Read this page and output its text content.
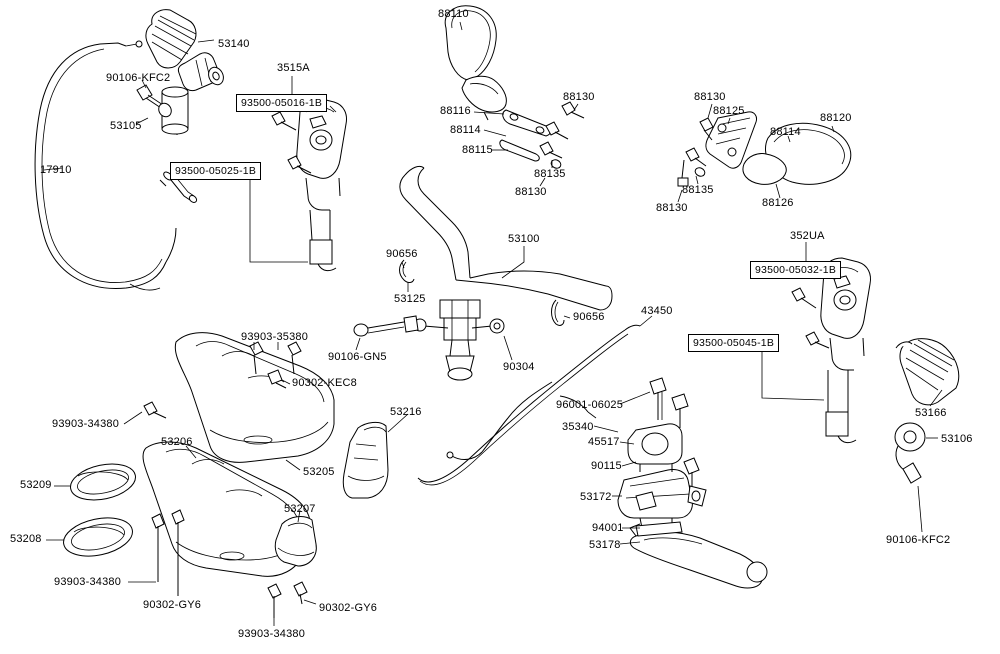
53140
90106-KFC2
53105
17910
3515A
93500-05016-1B
93500-05025-1B
88110
88116
88114
88115
88130
88135
88130
88130
88125
88114
88120
88135
88130	88126
53100
90656
53125
90656	43450
90106-GN5
90304
352UA
93500-05032-1B
93500-05045-1B
53166
53106
90106-KFC2
93903-35380
90302-KEC8
93903-34380
53216
53206
53205
53209
53208
53207
93903-34380
90302-GY6	90302-GY6
93903-34380
96001-06025
35340
45517
90115
53172
94001
53178
